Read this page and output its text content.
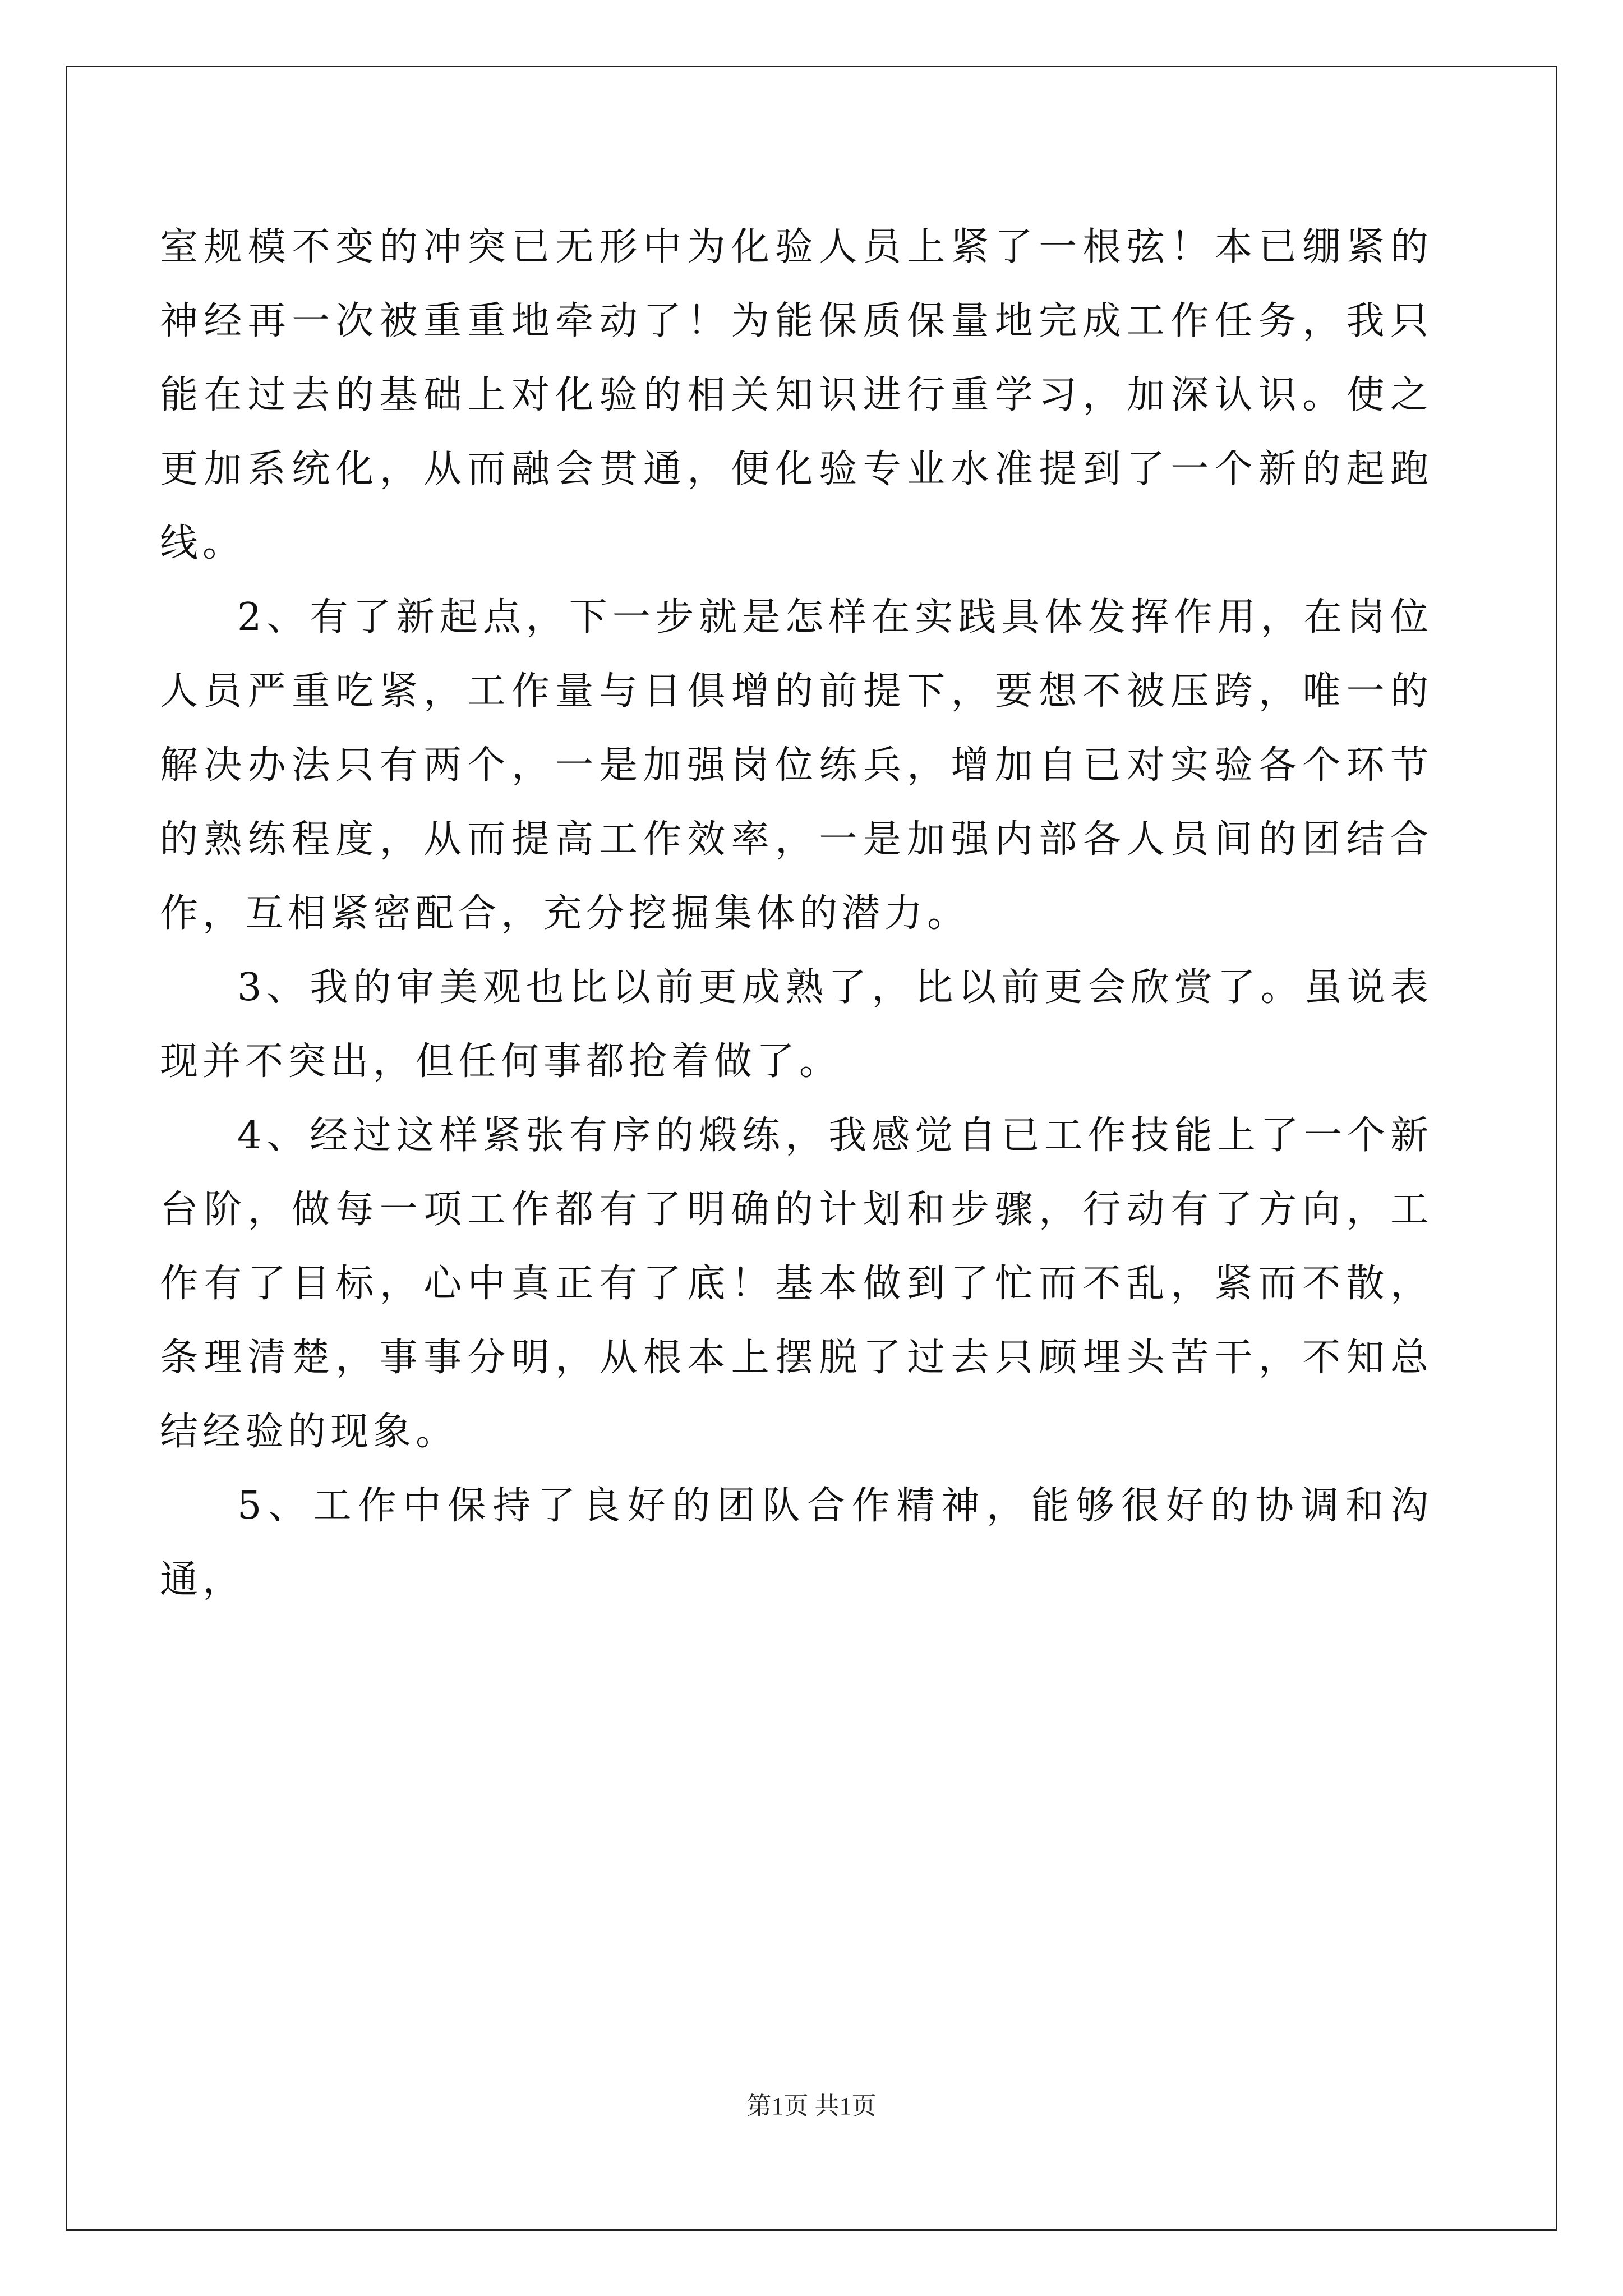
室规模不变的冲突已无形中为化验人员上紧了一根弦！本已绷紧的神经再一次被重重地牵动了！为能保质保量地完成工作任务，我只能在过去的基础上对化验的相关知识进行重学习，加深认识。使之更加系统化，从而融会贯通，便化验专业水准提到了一个新的起跑线。

2、有了新起点，下一步就是怎样在实践具体发挥作用，在岗位人员严重吃紧，工作量与日俱增的前提下，要想不被压跨，唯一的解决办法只有两个，一是加强岗位练兵，增加自已对实验各个环节的熟练程度，从而提高工作效率，一是加强内部各人员间的团结合作，互相紧密配合，充分挖掘集体的潜力。

3、我的审美观也比以前更成熟了，比以前更会欣赏了。虽说表现并不突出，但任何事都抢着做了。

4、经过这样紧张有序的煅练，我感觉自已工作技能上了一个新台阶，做每一项工作都有了明确的计划和步骤，行动有了方向，工作有了目标，心中真正有了底！基本做到了忙而不乱，紧而不散，条理清楚，事事分明，从根本上摆脱了过去只顾埋头苦干，不知总结经验的现象。

5、工作中保持了良好的团队合作精神，能够很好的协调和沟通，

第1页 共1页
